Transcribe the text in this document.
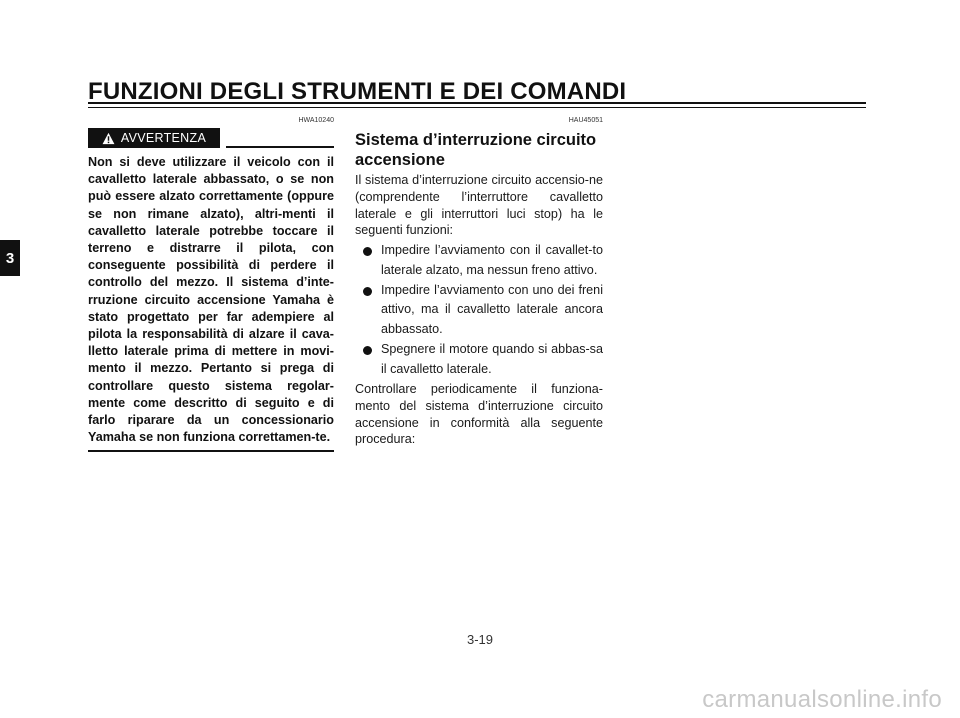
FUNZIONI DEGLI STRUMENTI E DEI COMANDI
3
HWA10240
AVVERTENZA
Non si deve utilizzare il veicolo con il cavalletto laterale abbassato, o se non può essere alzato correttamente (oppure se non rimane alzato), altri-menti il cavalletto laterale potrebbe toccare il terreno e distrarre il pilota, con conseguente possibilità di perdere il controllo del mezzo. Il sistema d’inte-rruzione circuito accensione Yamaha è stato progettato per far adempiere al pilota la responsabilità di alzare il cava-lletto laterale prima di mettere in movi-mento il mezzo. Pertanto si prega di controllare questo sistema regolar-mente come descritto di seguito e di farlo riparare da un concessionario Yamaha se non funziona correttamen-te.
HAU45051
Sistema d’interruzione circuito accensione

Il sistema d’interruzione circuito accensio-ne (comprendente l’interruttore cavalletto laterale e gli interruttori luci stop) ha le seguenti funzioni:

Impedire l’avviamento con il cavallet-to laterale alzato, ma nessun freno attivo.
Impedire l’avviamento con uno dei freni attivo, ma il cavalletto laterale ancora abbassato.
Spegnere il motore quando si abbas-sa il cavalletto laterale.

Controllare periodicamente il funziona-mento del sistema d’interruzione circuito accensione in conformità alla seguente procedura:

3-19
carmanualsonline.info
